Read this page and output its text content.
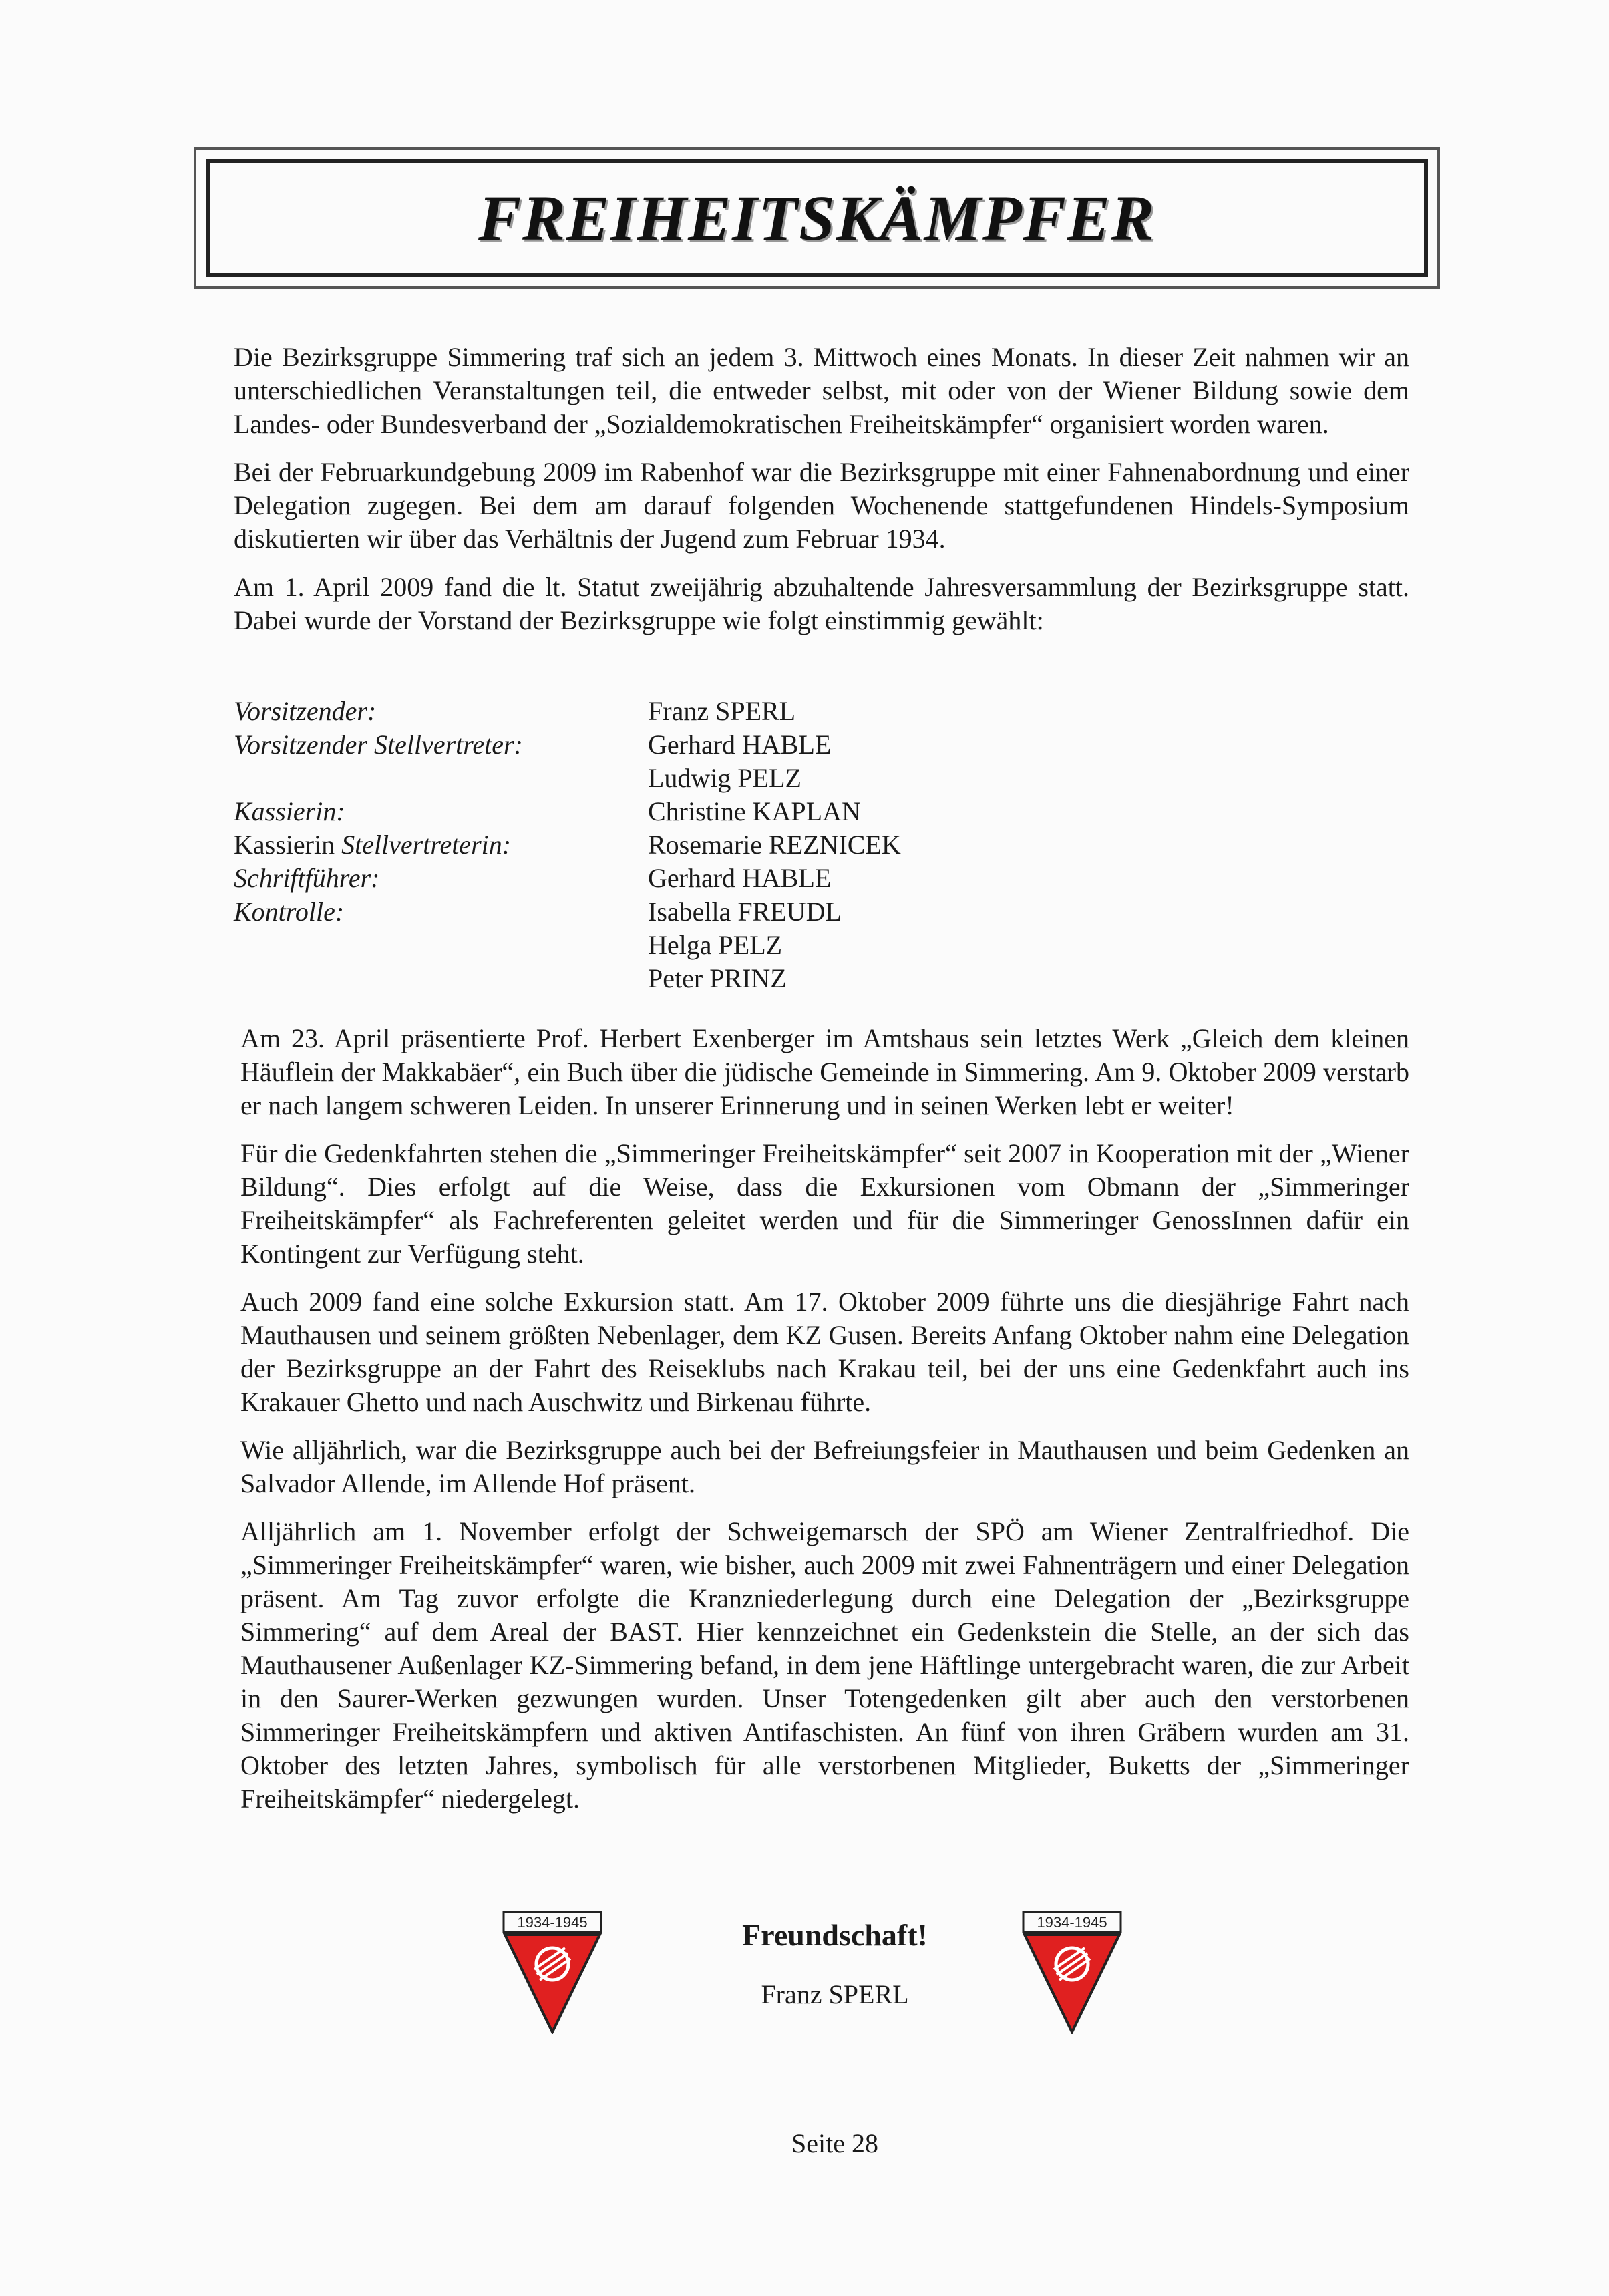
FREIHEITSKÄMPFER

Die Bezirksgruppe Simmering traf sich an jedem 3. Mittwoch eines Monats. In dieser Zeit nahmen wir an unterschiedlichen Veranstaltungen teil, die entweder selbst, mit oder von der Wiener Bildung sowie dem Landes- oder Bundesverband der „Sozialdemokratischen Freiheitskämpfer“ organisiert worden waren.

Bei der Februarkundgebung 2009 im Rabenhof war die Bezirksgruppe mit einer Fahnenabordnung und einer Delegation zugegen. Bei dem am darauf folgenden Wochenende stattgefundenen Hindels-Symposium diskutierten wir über das Verhältnis der Jugend zum Februar 1934.

Am 1. April 2009 fand die lt. Statut zweijährig abzuhaltende Jahresversammlung der Bezirksgruppe statt. Dabei wurde der Vorstand der Bezirksgruppe wie folgt einstimmig gewählt:

Vorsitzender:	Franz SPERL
Vorsitzender Stellvertreter:	Gerhard HABLE
Ludwig PELZ
Kassierin:	Christine KAPLAN
Kassierin Stellvertreterin:	Rosemarie REZNICEK
Schriftführer:	Gerhard HABLE
Kontrolle:	Isabella FREUDL
Helga PELZ
Peter PRINZ

Am 23. April präsentierte Prof. Herbert Exenberger im Amtshaus sein letztes Werk „Gleich dem kleinen Häuflein der Makkabäer“, ein Buch über die jüdische Gemeinde in Simmering. Am 9. Oktober 2009 verstarb er nach langem schweren Leiden. In unserer Erinnerung und in seinen Werken lebt er weiter!

Für die Gedenkfahrten stehen die „Simmeringer Freiheitskämpfer“ seit 2007 in Kooperation mit der „Wiener Bildung“. Dies erfolgt auf die Weise, dass die Exkursionen vom Obmann der „Simmeringer Freiheitskämpfer“ als Fachreferenten geleitet werden und für die Simmeringer GenossInnen dafür ein Kontingent zur Verfügung steht.

Auch 2009 fand eine solche Exkursion statt. Am 17. Oktober 2009 führte uns die diesjährige Fahrt nach Mauthausen und seinem größten Nebenlager, dem KZ Gusen. Bereits Anfang Oktober nahm eine Delegation der Bezirksgruppe an der Fahrt des Reiseklubs nach Krakau teil, bei der uns eine Gedenkfahrt auch ins Krakauer Ghetto und nach Auschwitz und Birkenau führte.

Wie alljährlich, war die Bezirksgruppe auch bei der Befreiungsfeier in Mauthausen und beim Gedenken an Salvador Allende, im Allende Hof präsent.

Alljährlich am 1. November erfolgt der Schweigemarsch der SPÖ am Wiener Zentralfriedhof. Die „Simmeringer Freiheitskämpfer“ waren, wie bisher, auch 2009 mit zwei Fahnenträgern und einer Delegation präsent. Am Tag zuvor erfolgte die Kranzniederlegung durch eine Delegation der „Bezirksgruppe Simmering“ auf dem Areal der BAST. Hier kennzeichnet ein Gedenkstein die Stelle, an der sich das Mauthausener Außenlager KZ-Simmering befand, in dem jene Häftlinge untergebracht waren, die zur Arbeit in den Saurer-Werken gezwungen wurden. Unser Totengedenken gilt aber auch den verstorbenen Simmeringer Freiheitskämpfern und aktiven Antifaschisten. An fünf von ihren Gräbern wurden am 31. Oktober des letzten Jahres, symbolisch für alle verstorbenen Mitglieder, Buketts der „Simmeringer Freiheitskämpfer“ niedergelegt.

1934-1945	Freundschaft!
Franz SPERL
1934-1945
Seite 28
